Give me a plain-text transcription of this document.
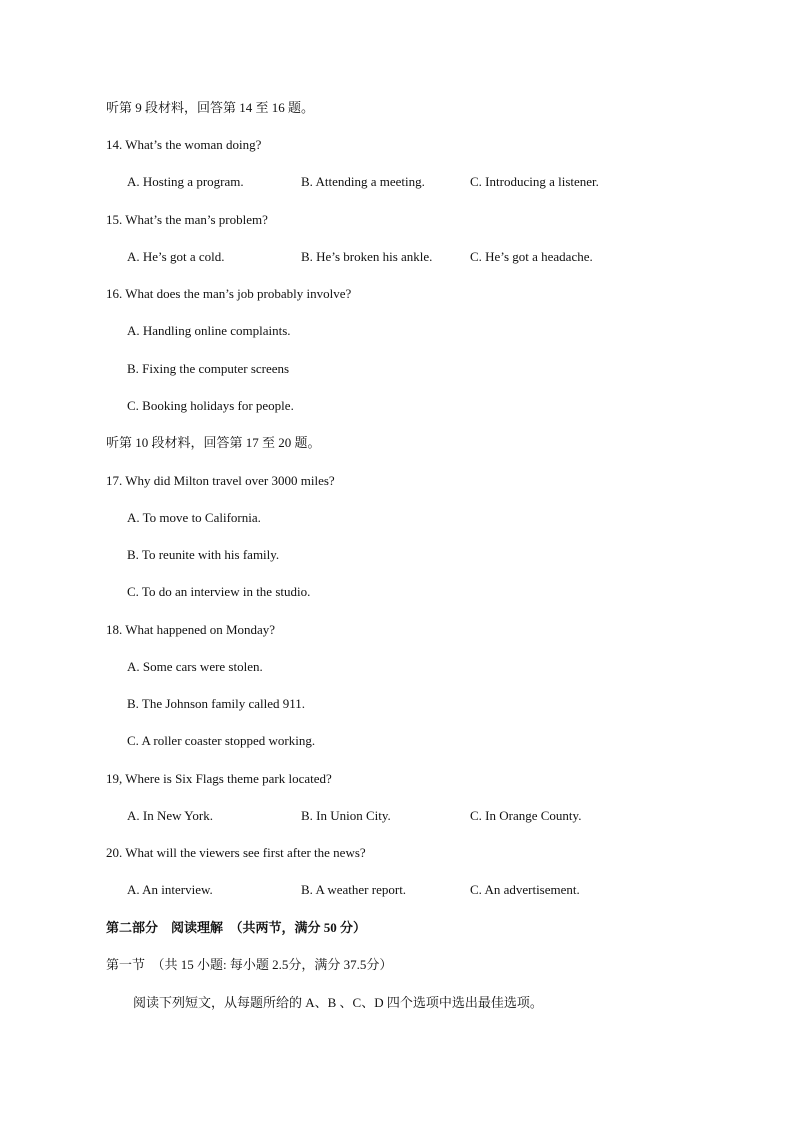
听第 9 段材料，回答第 14 至 16 题。
14. What’s the woman doing?
A. Hosting a program.	B. Attending a meeting.	C. Introducing a listener.
15. What’s the man’s problem?
A. He’s got a cold.	B. He’s broken his ankle.	C. He’s got a headache.
16. What does the man’s job probably involve?
A. Handling online complaints.
B. Fixing the computer screens
C. Booking holidays for people.
听第 10 段材料，回答第 17 至 20 题。
17. Why did Milton travel over 3000 miles?
A. To move to California.
B. To reunite with his family.
C. To do an interview in the studio.
18. What happened on Monday?
A. Some cars were stolen.
B. The Johnson family called 911.
C. A roller coaster stopped working.
19, Where is Six Flags theme park located?
A. In New York.	B. In Union City.	C. In Orange County.
20. What will the viewers see first after the news?
A. An interview.	B. A weather report.	C. An advertisement.
第二部分　阅读理解　（共两节，满分 50 分）
第一节　（共 15 小题: 每小题 2.5分，满分 37.5分）
阅读下列短文，从每题所给的 A、B 、C、D 四个选项中选出最佳选项。
